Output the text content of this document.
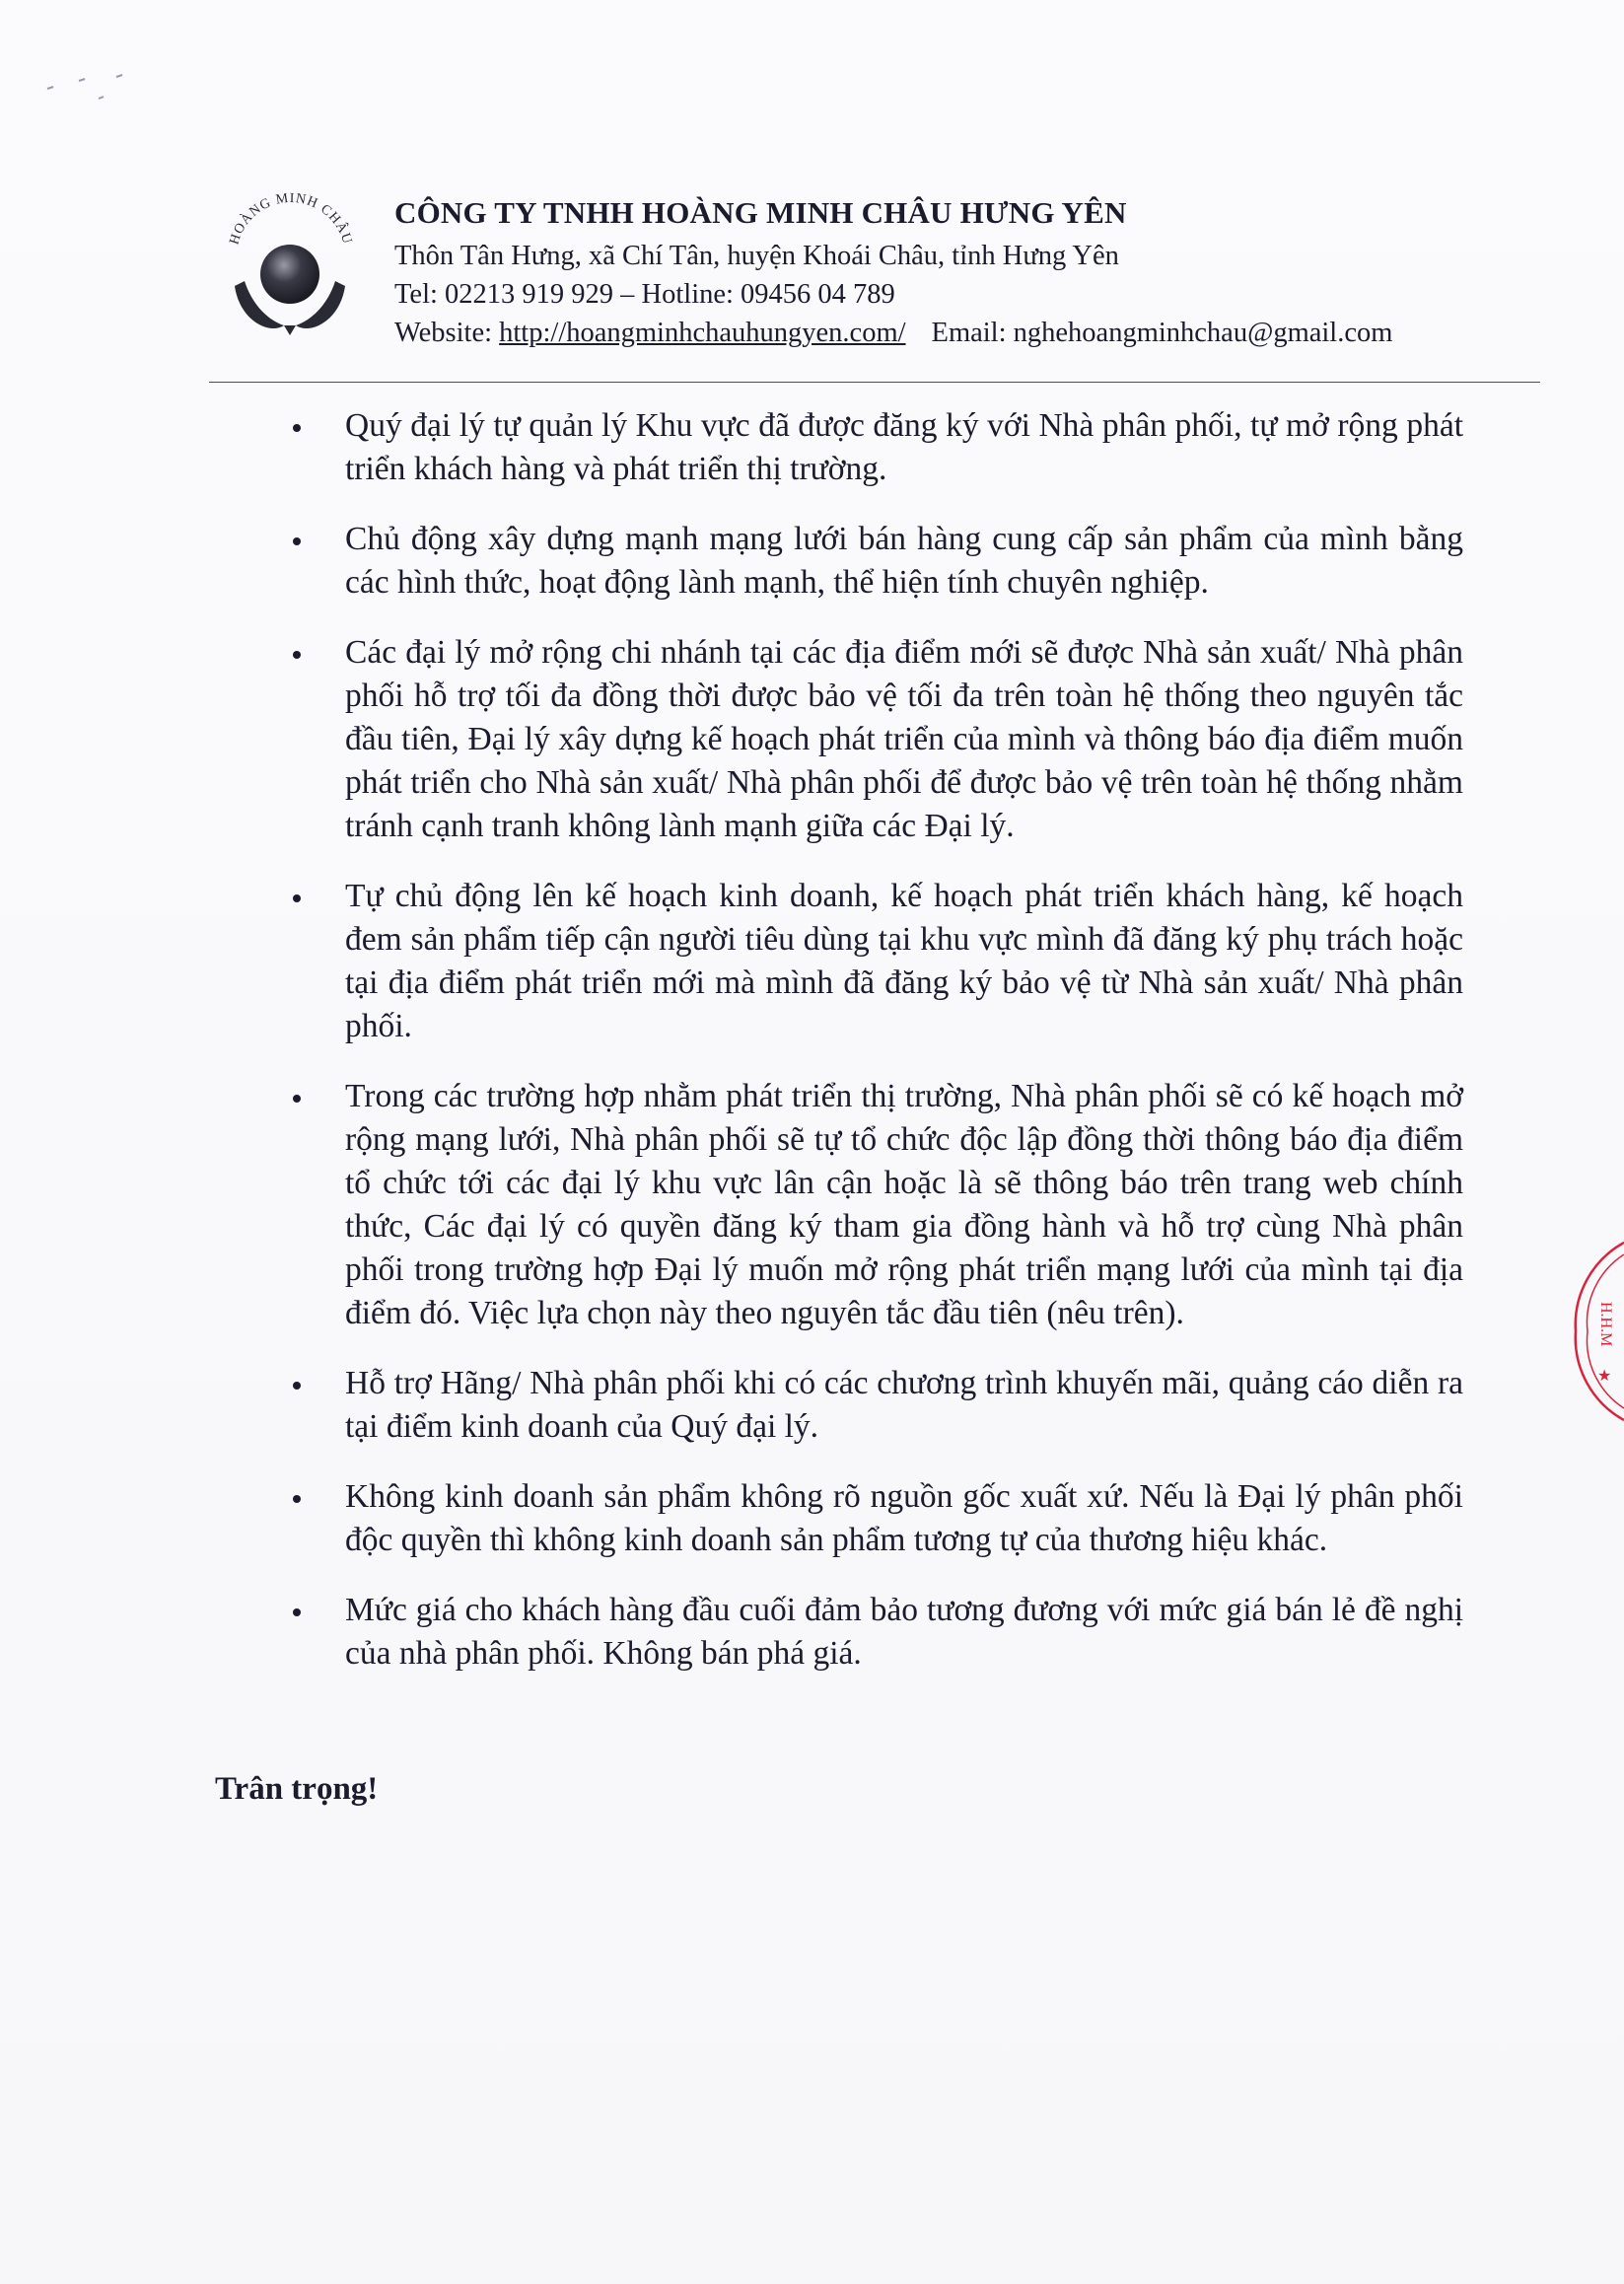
HOÀNG MINH CHÂU

CÔNG TY TNHH HOÀNG MINH CHÂU HƯNG YÊN

Thôn Tân Hưng, xã Chí Tân, huyện Khoái Châu, tỉnh Hưng Yên

Tel: 02213 919 929 – Hotline: 09456 04 789

Website: http://hoangminhchauhungyen.com/ Email: nghehoangminhchau@gmail.com

Quý đại lý tự quản lý Khu vực đã được đăng ký với Nhà phân phối, tự mở rộng phát triển khách hàng và phát triển thị trường.
Chủ động xây dựng mạnh mạng lưới bán hàng cung cấp sản phẩm của mình bằng các hình thức, hoạt động lành mạnh, thể hiện tính chuyên nghiệp.
Các đại lý mở rộng chi nhánh tại các địa điểm mới sẽ được Nhà sản xuất/ Nhà phân phối hỗ trợ tối đa đồng thời được bảo vệ tối đa trên toàn hệ thống theo nguyên tắc đầu tiên, Đại lý xây dựng kế hoạch phát triển của mình và thông báo địa điểm muốn phát triển cho Nhà sản xuất/ Nhà phân phối để được bảo vệ trên toàn hệ thống nhằm tránh cạnh tranh không lành mạnh giữa các Đại lý.
Tự chủ động lên kế hoạch kinh doanh, kế hoạch phát triển khách hàng, kế hoạch đem sản phẩm tiếp cận người tiêu dùng tại khu vực mình đã đăng ký phụ trách hoặc tại địa điểm phát triển mới mà mình đã đăng ký bảo vệ từ Nhà sản xuất/ Nhà phân phối.
Trong các trường hợp nhằm phát triển thị trường, Nhà phân phối sẽ có kế hoạch mở rộng mạng lưới, Nhà phân phối sẽ tự tổ chức độc lập đồng thời thông báo địa điểm tổ chức tới các đại lý khu vực lân cận hoặc là sẽ thông báo trên trang web chính thức, Các đại lý có quyền đăng ký tham gia đồng hành và hỗ trợ cùng Nhà phân phối trong trường hợp Đại lý muốn mở rộng phát triển mạng lưới của mình tại địa điểm đó. Việc lựa chọn này theo nguyên tắc đầu tiên (nêu trên).
Hỗ trợ Hãng/ Nhà phân phối khi có các chương trình khuyến mãi, quảng cáo diễn ra tại điểm kinh doanh của Quý đại lý.
Không kinh doanh sản phẩm không rõ nguồn gốc xuất xứ. Nếu là Đại lý phân phối độc quyền thì không kinh doanh sản phẩm tương tự của thương hiệu khác.
Mức giá cho khách hàng đầu cuối đảm bảo tương đương với mức giá bán lẻ đề nghị của nhà phân phối. Không bán phá giá.

Trân trọng!

H.H.M
★
